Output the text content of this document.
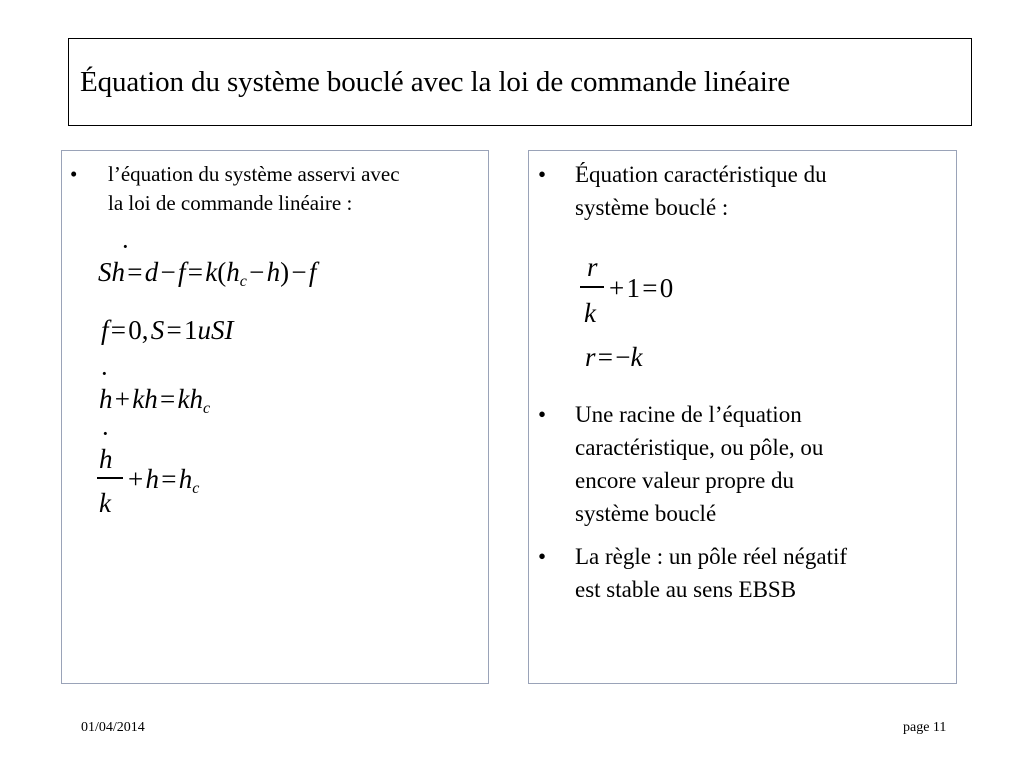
Équation du système bouclé avec la loi de commande linéaire
• l’équation du système asservi avec
la loi de commande linéaire :
Sh = d − f = $k(h_c$ − h) − f
·
f = 0, S = 1uSI
h + kh = $kh_c$
·
h
·
k
+ h = $h_c$
• Équation caractéristique du
système bouclé :
r
k
+ 1 = 0
r = −k
• Une racine de l’équation
caractéristique, ou pôle, ou
encore valeur propre du
système bouclé
• La règle : un pôle réel négatif
est stable au sens EBSB
01/04/2014	page 11
